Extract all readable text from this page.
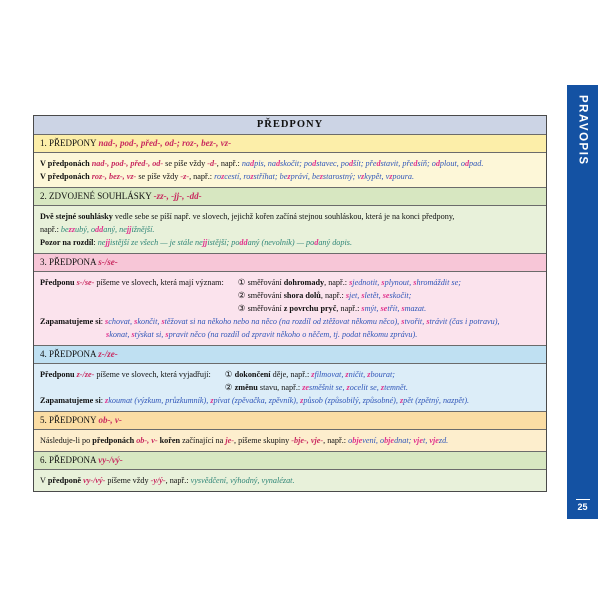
PŘEDPONY
1. PŘEDPONY nad-, pod-, před-, od-; roz-, bez-, vz-
V předponách nad-, pod-, před-, od- se píše vždy -d-, např.: nadpis, nadskočit; podstavec, podšít; představit, předsíň; odplout, odpad.
V předponách roz-, bez-, vz- se píše vždy -z-, např.: rozcestí, rozstříhat; bezpráví, bezstarostný; vzkypět, vzpoura.
2. ZDVOJENÉ SOUHLÁSKY -zz-, -jj-, -dd-
Dvě stejné souhlásky vedle sebe se píší např. ve slovech, jejichž kořen začíná stejnou souhláskou, která je na konci předpony,
např.: bezzubý, oddaný, nejjižnější.
Pozor na rozdíl: nejjistější ze všech — je stále nejjistější; poddaný (nevolník) — podaný dopis.
3. PŘEDPONA s-/se-
Předponu s-/se- píšeme ve slovech, která mají význam: ① směřování dohromady, např.: sjednotit, splynout, shromáždit se;
② směřování shora dolů, např.: sjet, sletět, seskočit;
③ směřování z povrchu pryč, např.: smýt, setřít, smazat.
Zapamatujeme si: schovat, skončit, stěžovat si na někoho nebo na něco (na rozdíl od ztěžovat někomu něco), stvořit, strávit (čas i potravu),
skonat, stýskat si, spravit něco (na rozdíl od zpravit někoho o něčem, tj. podat někomu zprávu).
4. PŘEDPONA z-/ze-
Předponu z-/ze- píšeme ve slovech, která vyjadřují: ① dokončení děje, např.: zfilmovat, zničit, zbourat;
② změnu stavu, např.: zesměšnit se, zocelit se, ztemnět.
Zapamatujeme si: zkoumat (výzkum, průzkumník), zpívat (zpěvačka, zpěvník), způsob (způsobilý, způsobné), zpět (zpětný, nazpět).
5. PŘEDPONY ob-, v-
Následuje-li po předponách ob-, v- kořen začínající na je-, píšeme skupiny -bje-, vje-, např.: objevení, objednat; vjet, vjezd.
6. PŘEDPONA vy-/vý-
V předponě vy-/vý- píšeme vždy -y/ý-, např.: vysvědčení, výhodný, vynalézat.
PRAVOPIS
25
